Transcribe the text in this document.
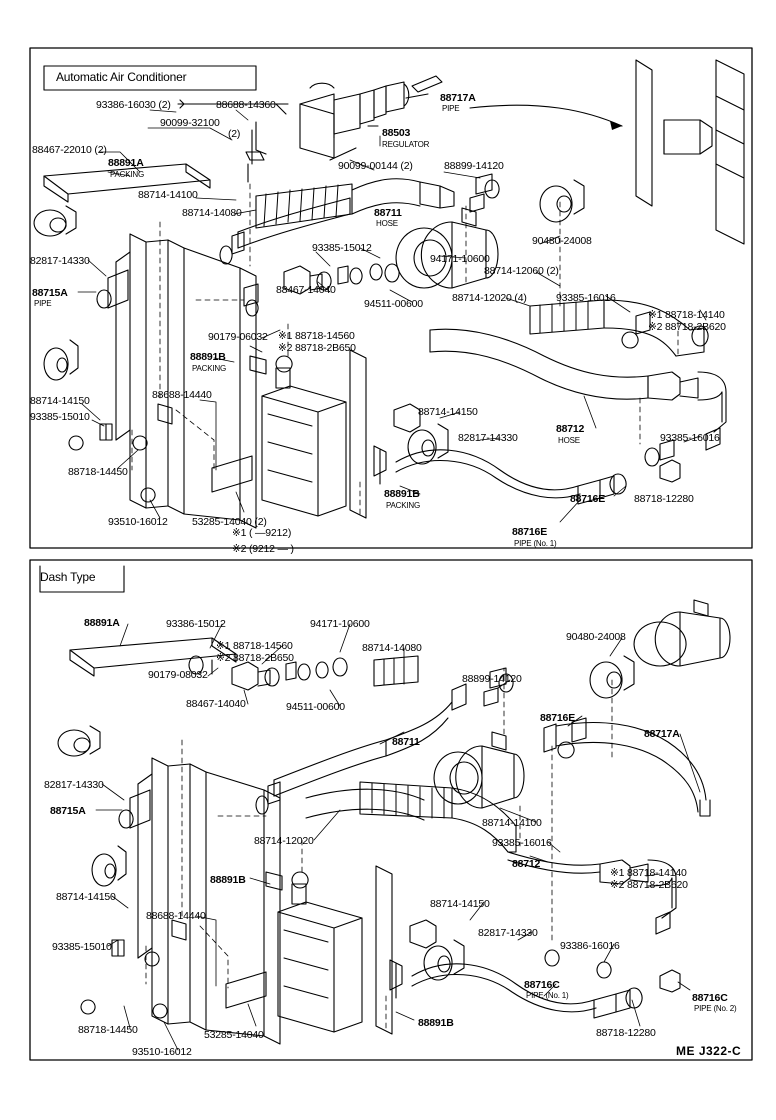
Automatic Air Conditioner
Dash Type
※1 ( —9212)
※2 (9212 — )
ME J322-C
93386-16030 (2)	88688-14360
88717A
PIPE
90099-32100
(2)	88503
REGULATOR
88467-22010 (2)
90099-00144 (2)	88899-14120
88891A
PACKING
88714-14100
88714-14080	88711
HOSE
90480-24008
82817-14330
93385-15012
94171-10600
88714-12060 (2)
88715A
PIPE
88467-14040
94511-00600	88714-12020 (4)	93385-16016
※1 88718-14140
※2 88718-2B620
90179-06032 ※1 88718-14560
※2 88718-2B650
88891B
PACKING
88688-14440
88714-14150
88712
HOSE
88714-14150
93385-15010
82817-14330	93385-16016
88718-14450
88891B
PACKING
88716E	88718-12280
93510-16012 53285-14040 (2)
88716E
PIPE (No. 1)
93386-15012	94171-10600
※1 88718-14560
※2 88718-2B650
88714-14080
88891A
90480-24008
90179-08032	88899-14120
88467-14040	94511-00600
88711
88716E
88717A
82817-14330
88715A
88714-14100
88714-12020	93385-16016
88891B
※1 88718-14140
※2 88718-2B620
88712
88714-14150
88714-14150
88688-14440
82817-14330
93386-16016
93385-15010
88716C
PIPE (No. 1)	88716C
PIPE (No. 2)
88891B
88718-12280
88718-14450	53285-14040
93510-16012
